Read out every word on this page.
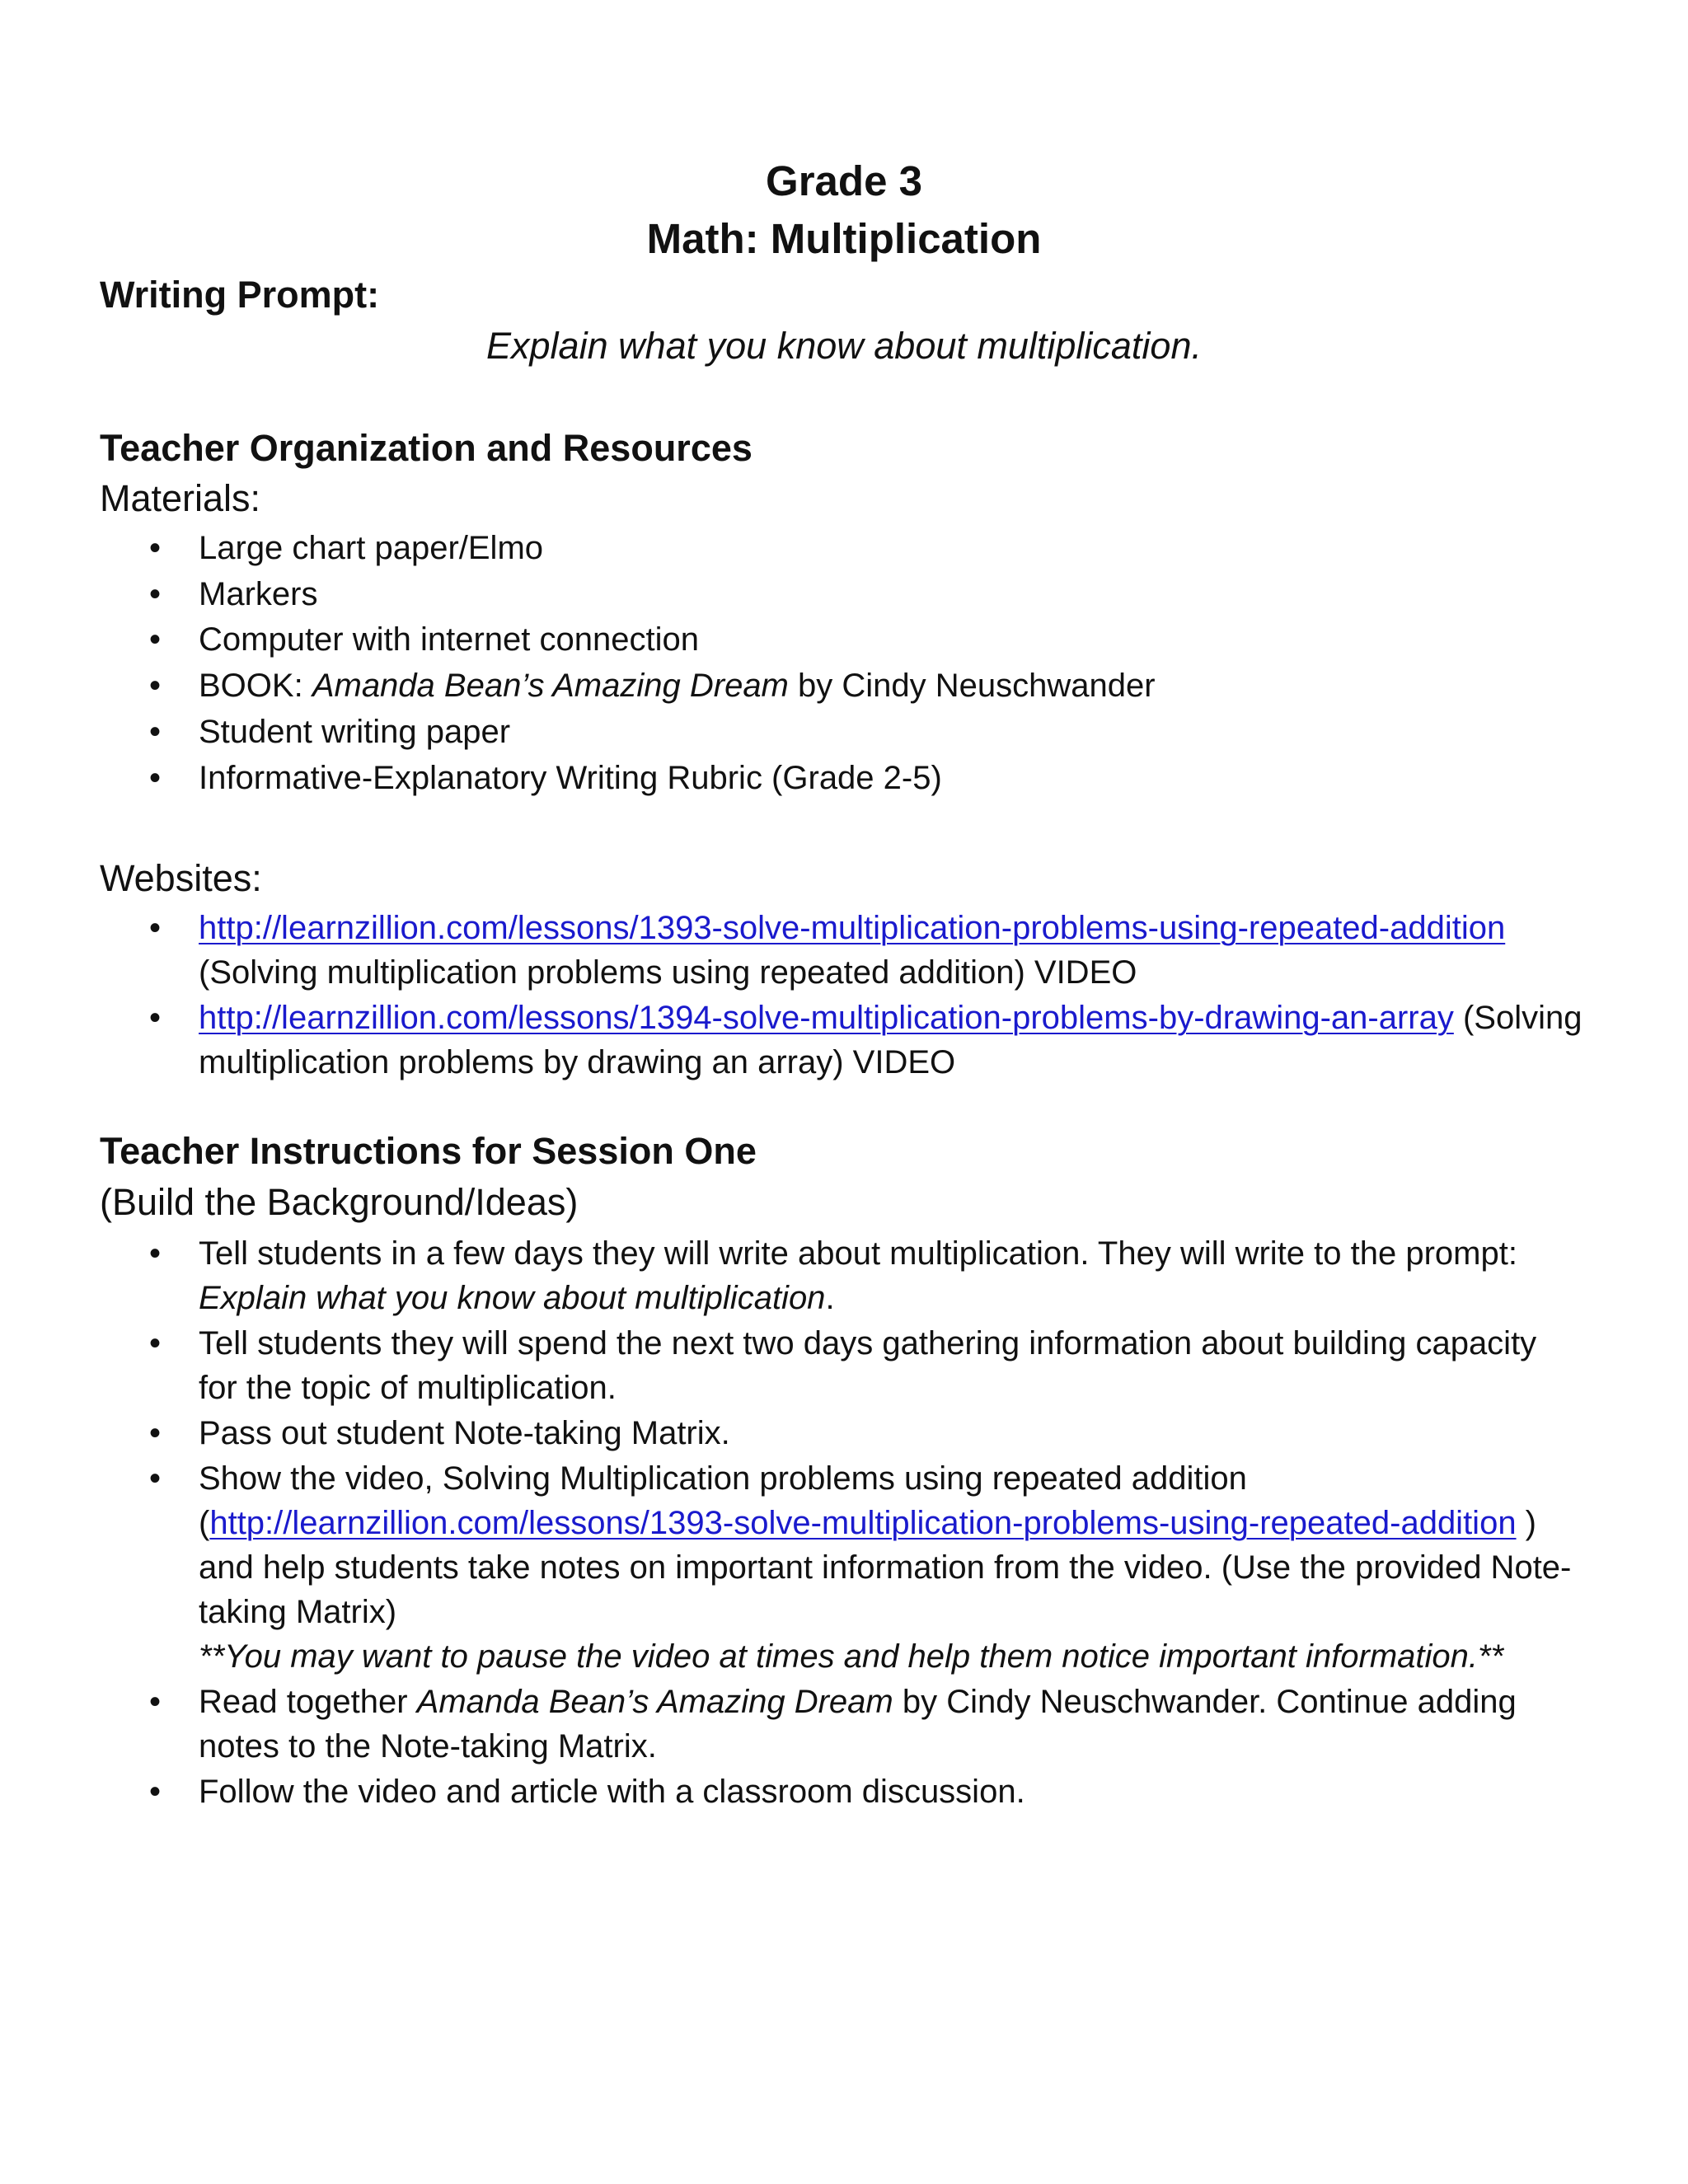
Grade 3
Math: Multiplication
Writing Prompt:
Explain what you know about multiplication.
Teacher Organization and Resources
Materials:
• Large chart paper/Elmo
• Markers
• Computer with internet connection
• BOOK: Amanda Bean’s Amazing Dream by Cindy Neuschwander
• Student writing paper
• Informative-Explanatory Writing Rubric (Grade 2-5)
Websites:
• http://learnzillion.com/lessons/1393-solve-multiplication-problems-using-repeated-addition
(Solving multiplication problems using repeated addition) VIDEO
• http://learnzillion.com/lessons/1394-solve-multiplication-problems-by-drawing-an-array (Solving
multiplication problems by drawing an array) VIDEO
Teacher Instructions for Session One
(Build the Background/Ideas)
• Tell students in a few days they will write about multiplication. They will write to the prompt:
Explain what you know about multiplication.
• Tell students they will spend the next two days gathering information about building capacity
for the topic of multiplication.
• Pass out student Note-taking Matrix.
• Show the video, Solving Multiplication problems using repeated addition
(http://learnzillion.com/lessons/1393-solve-multiplication-problems-using-repeated-addition )
and help students take notes on important information from the video. (Use the provided Note-
taking Matrix)
**You may want to pause the video at times and help them notice important information.**
• Read together Amanda Bean’s Amazing Dream by Cindy Neuschwander. Continue adding
notes to the Note-taking Matrix.
• Follow the video and article with a classroom discussion.
